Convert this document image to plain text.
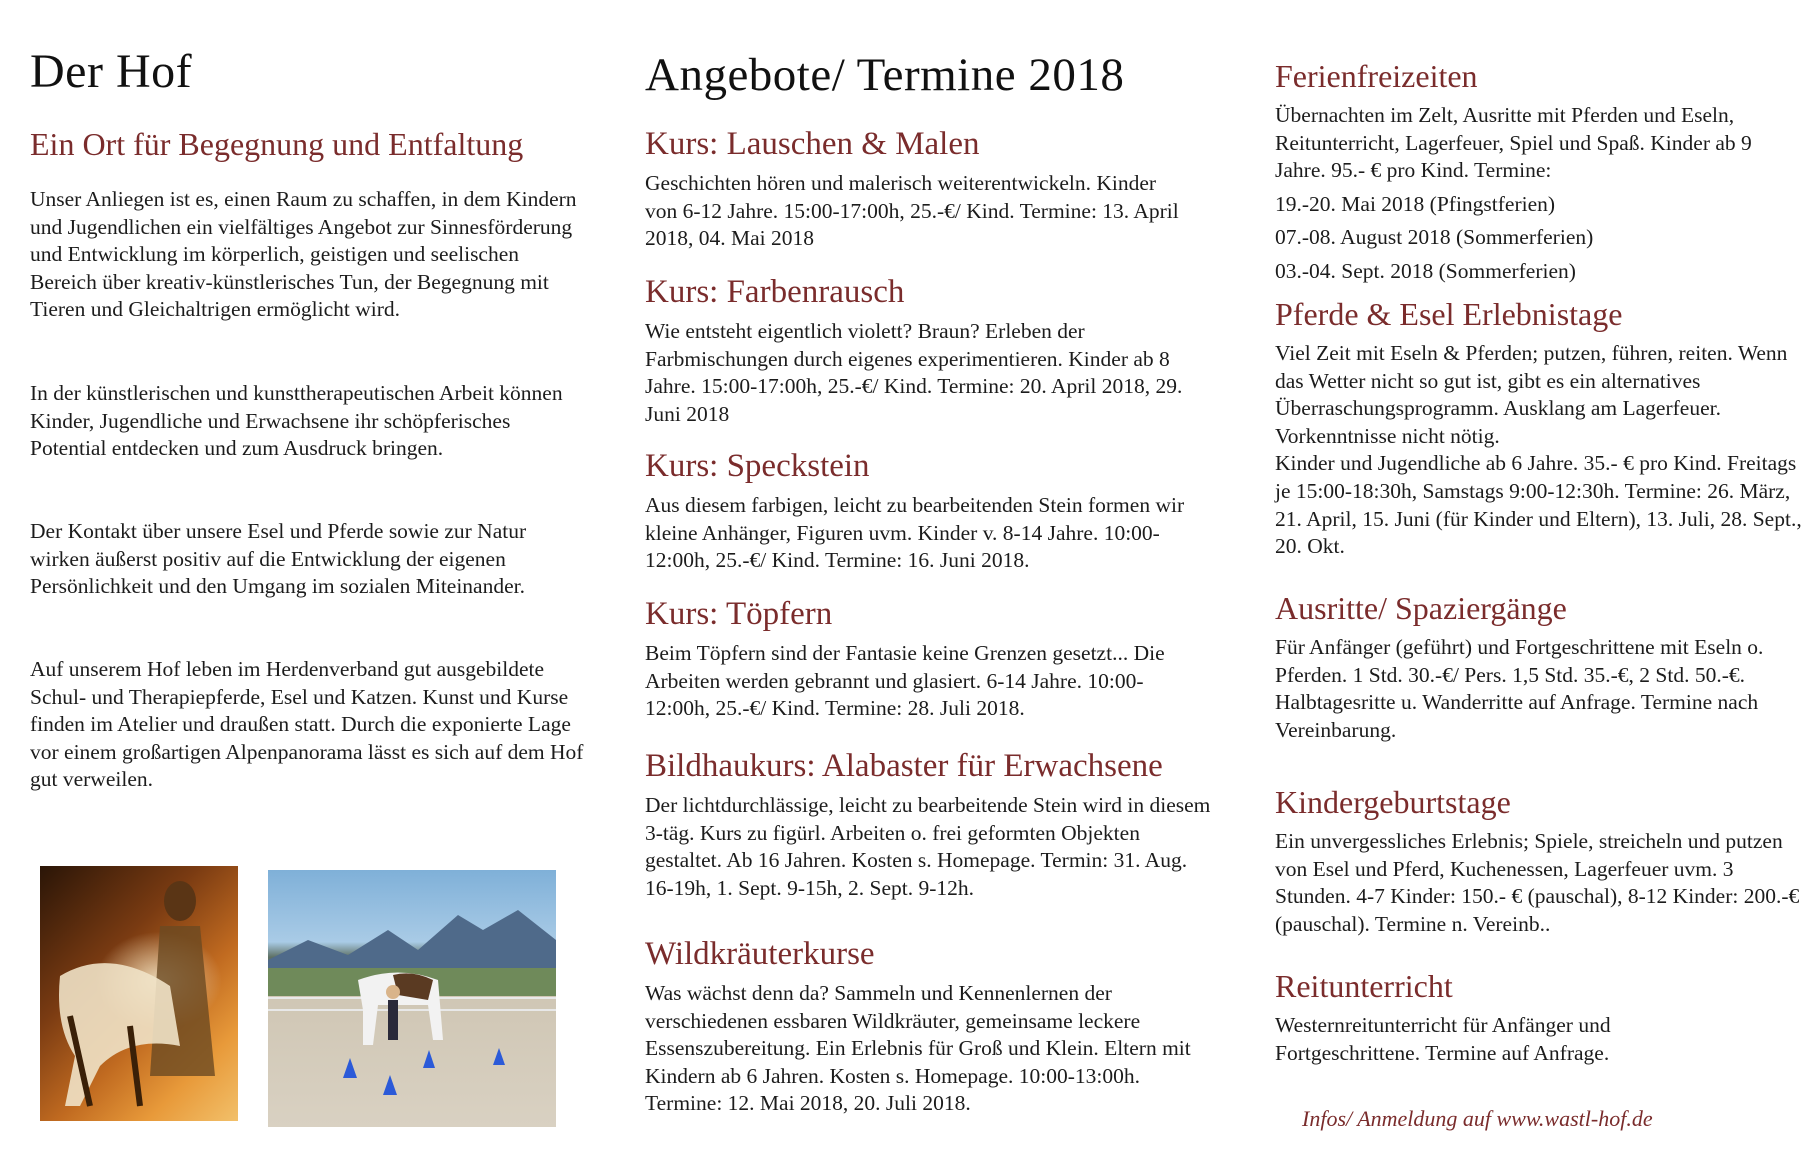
Der Hof
Ein Ort für Begegnung und Entfaltung

Unser Anliegen ist es, einen Raum zu schaffen, in dem Kindern und Jugendlichen ein vielfältiges Angebot zur Sinnesförderung und Entwicklung im körperlich, geistigen und seelischen Bereich über kreativ-künstlerisches Tun, der Begegnung mit Tieren und Gleichaltrigen ermöglicht wird.

In der künstlerischen und kunsttherapeutischen Arbeit können Kinder, Jugendliche und Erwachsene ihr schöpferisches Potential entdecken und zum Ausdruck bringen.

Der Kontakt über unsere Esel und Pferde sowie zur Natur wirken äußerst positiv auf die Entwicklung der eigenen Persönlichkeit und den Umgang im sozialen Miteinander.

Auf unserem Hof leben im Herdenverband gut ausgebildete Schul- und Therapiepferde, Esel und Katzen. Kunst und Kurse finden im Atelier und draußen statt. Durch die exponierte Lage vor einem großartigen Alpenpanorama lässt es sich auf dem Hof gut verweilen.

Angebote/ Termine 2018
Kurs: Lauschen & Malen

Geschichten hören und malerisch weiterentwickeln. Kinder von 6-12 Jahre. 15:00-17:00h, 25.-€/ Kind. Termine: 13. April 2018, 04. Mai 2018

Kurs: Farbenrausch

Wie entsteht eigentlich violett? Braun? Erleben der Farbmischungen durch eigenes experimentieren. Kinder ab 8 Jahre. 15:00-17:00h, 25.-€/ Kind. Termine: 20. April 2018, 29. Juni 2018

Kurs: Speckstein

Aus diesem farbigen, leicht zu bearbeitenden Stein formen wir kleine Anhänger, Figuren uvm. Kinder v. 8-14 Jahre. 10:00-12:00h, 25.-€/ Kind. Termine: 16. Juni 2018.

Kurs: Töpfern

Beim Töpfern sind der Fantasie keine Grenzen gesetzt... Die Arbeiten werden gebrannt und glasiert. 6-14 Jahre. 10:00-12:00h, 25.-€/ Kind. Termine: 28. Juli 2018.

Bildhaukurs: Alabaster für Erwachsene

Der lichtdurchlässige, leicht zu bearbeitende Stein wird in diesem 3-täg. Kurs zu figürl. Arbeiten o. frei geformten Objekten gestaltet. Ab 16 Jahren. Kosten s. Homepage. Termin: 31. Aug. 16-19h, 1. Sept. 9-15h, 2. Sept. 9-12h.

Wildkräuterkurse

Was wächst denn da? Sammeln und Kennenlernen der verschiedenen essbaren Wildkräuter, gemeinsame leckere Essenszubereitung. Ein Erlebnis für Groß und Klein. Eltern mit Kindern ab 6 Jahren. Kosten s. Homepage. 10:00-13:00h. Termine: 12. Mai 2018, 20. Juli 2018.

Ferienfreizeiten

Übernachten im Zelt, Ausritte mit Pferden und Eseln, Reitunterricht, Lagerfeuer, Spiel und Spaß. Kinder ab 9 Jahre. 95.- € pro Kind. Termine:

19.-20. Mai 2018 (Pfingstferien)

07.-08. August 2018 (Sommerferien)

03.-04. Sept. 2018 (Sommerferien)

Pferde & Esel Erlebnistage

Viel Zeit mit Eseln & Pferden; putzen, führen, reiten. Wenn das Wetter nicht so gut ist, gibt es ein alternatives Überraschungsprogramm. Ausklang am Lagerfeuer. Vorkenntnisse nicht nötig.

Kinder und Jugendliche ab 6 Jahre. 35.- € pro Kind. Freitags je 15:00-18:30h, Samstags 9:00-12:30h. Termine: 26. März, 21. April, 15. Juni (für Kinder und Eltern), 13. Juli, 28. Sept., 20. Okt.

Ausritte/ Spaziergänge

Für Anfänger (geführt) und Fortgeschrittene mit Eseln o. Pferden. 1 Std. 30.-€/ Pers. 1,5 Std. 35.-€, 2 Std. 50.-€. Halbtagesritte u. Wanderritte auf Anfrage. Termine nach Vereinbarung.

Kindergeburtstage

Ein unvergessliches Erlebnis; Spiele, streicheln und putzen von Esel und Pferd, Kuchenessen, Lagerfeuer uvm. 3 Stunden. 4-7 Kinder: 150.- € (pauschal), 8-12 Kinder: 200.-€ (pauschal). Termine n. Vereinb..

Reitunterricht

Westernreitunterricht für Anfänger und Fortgeschrittene. Termine auf Anfrage.

Infos/ Anmeldung auf www.wastl-hof.de
